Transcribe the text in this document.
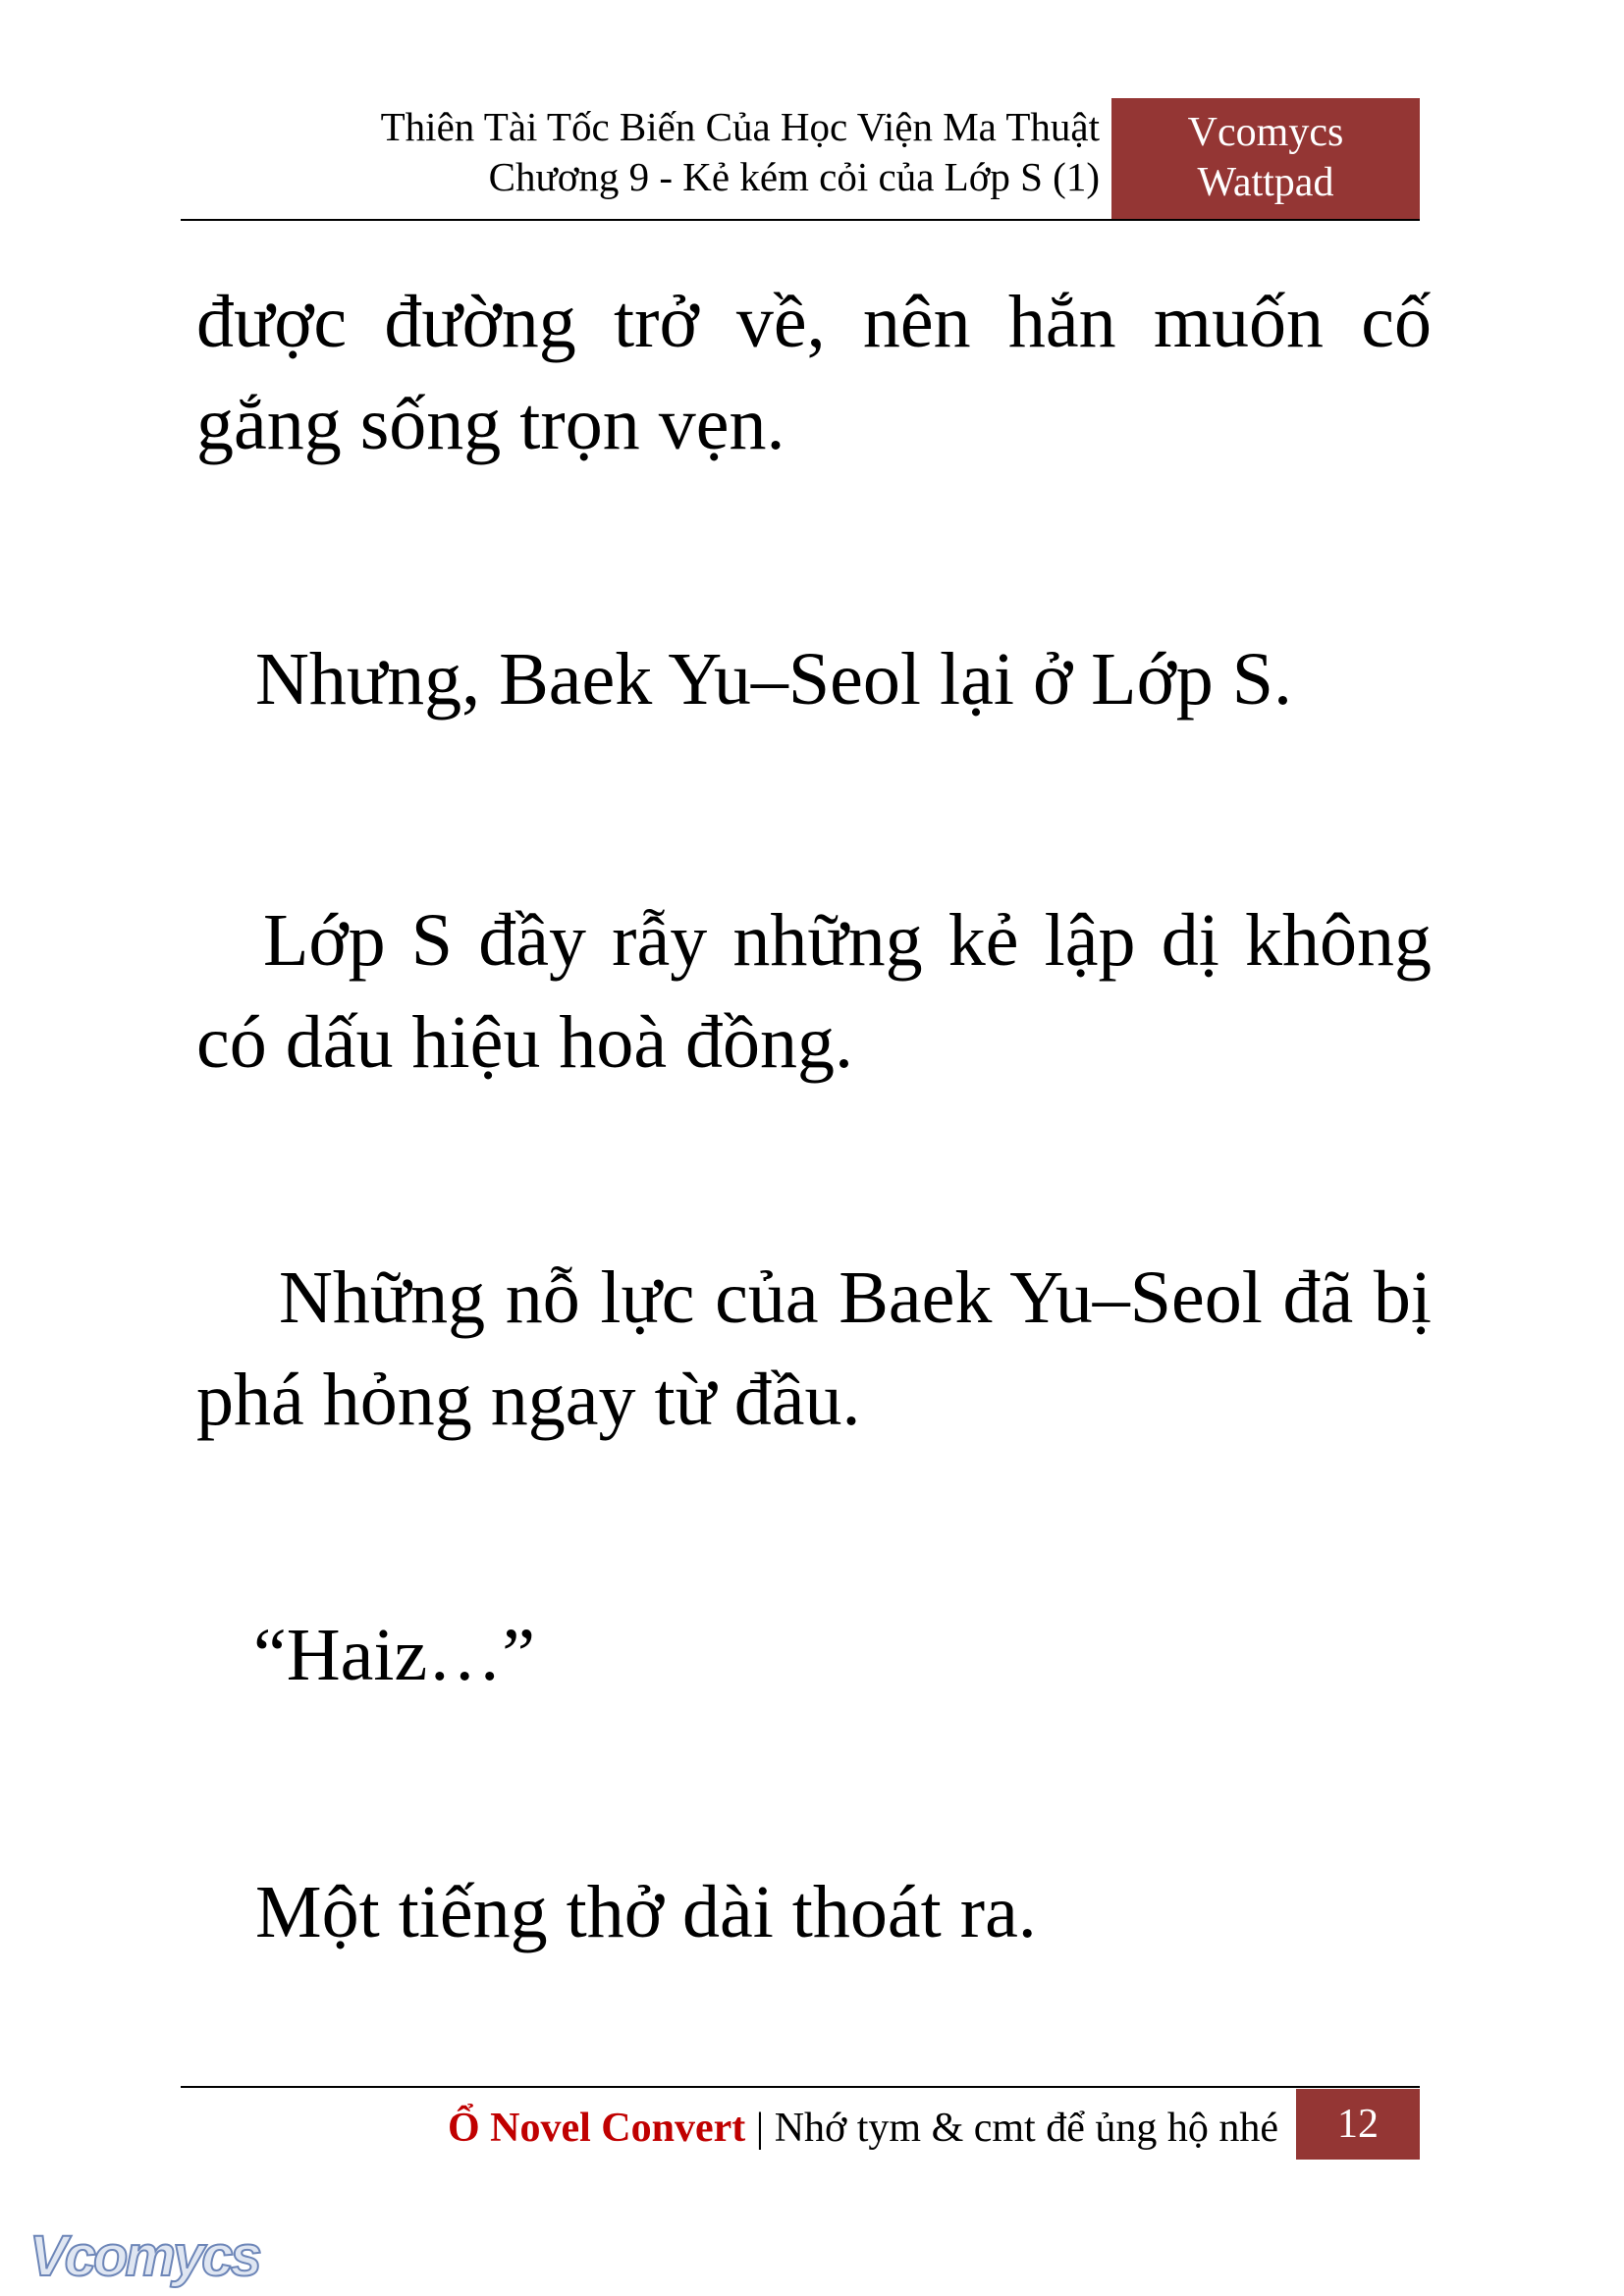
Thiên Tài Tốc Biến Của Học Viện Ma Thuật
Chương 9 - Kẻ kém cỏi của Lớp S (1)
Vcomycs
Wattpad

được đường trở về, nên hắn muốn cố gắng sống trọn vẹn.

Nhưng, Baek Yu–Seol lại ở Lớp S.

Lớp S đầy rẫy những kẻ lập dị không có dấu hiệu hoà đồng.

Những nỗ lực của Baek Yu–Seol đã bị phá hỏng ngay từ đầu.

“Haiz…”

Một tiếng thở dài thoát ra.

Ổ Novel Convert | Nhớ tym & cmt để ủng hộ nhé	12
Vcomycs
